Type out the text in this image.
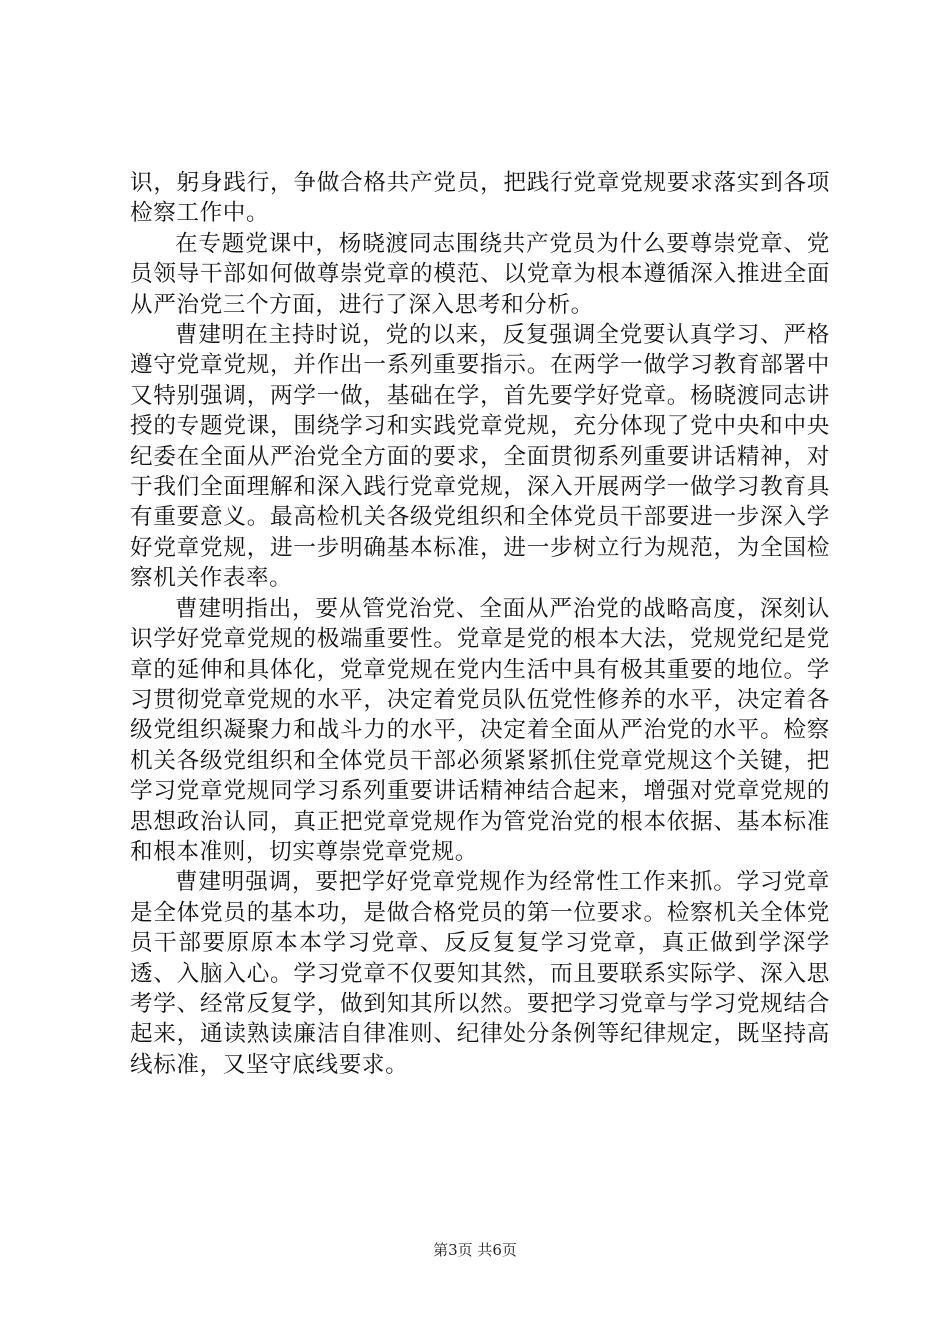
识，躬身践行，争做合格共产党员，把践行党章党规要求落实到各项检察工作中。

在专题党课中，杨晓渡同志围绕共产党员为什么要尊崇党章、党员领导干部如何做尊崇党章的模范、以党章为根本遵循深入推进全面从严治党三个方面，进行了深入思考和分析。

曹建明在主持时说，党的以来，反复强调全党要认真学习、严格遵守党章党规，并作出一系列重要指示。在两学一做学习教育部署中又特别强调，两学一做，基础在学，首先要学好党章。杨晓渡同志讲授的专题党课，围绕学习和实践党章党规，充分体现了党中央和中央纪委在全面从严治党全方面的要求，全面贯彻系列重要讲话精神，对于我们全面理解和深入践行党章党规，深入开展两学一做学习教育具有重要意义。最高检机关各级党组织和全体党员干部要进一步深入学好党章党规，进一步明确基本标准，进一步树立行为规范，为全国检察机关作表率。

曹建明指出，要从管党治党、全面从严治党的战略高度，深刻认识学好党章党规的极端重要性。党章是党的根本大法，党规党纪是党章的延伸和具体化，党章党规在党内生活中具有极其重要的地位。学习贯彻党章党规的水平，决定着党员队伍党性修养的水平，决定着各级党组织凝聚力和战斗力的水平，决定着全面从严治党的水平。检察机关各级党组织和全体党员干部必须紧紧抓住党章党规这个关键，把学习党章党规同学习系列重要讲话精神结合起来，增强对党章党规的思想政治认同，真正把党章党规作为管党治党的根本依据、基本标准和根本准则，切实尊崇党章党规。

曹建明强调，要把学好党章党规作为经常性工作来抓。学习党章是全体党员的基本功，是做合格党员的第一位要求。检察机关全体党员干部要原原本本学习党章、反反复复学习党章，真正做到学深学透、入脑入心。学习党章不仅要知其然，而且要联系实际学、深入思考学、经常反复学，做到知其所以然。要把学习党章与学习党规结合起来，通读熟读廉洁自律准则、纪律处分条例等纪律规定，既坚持高线标准，又坚守底线要求。

第3页 共6页
